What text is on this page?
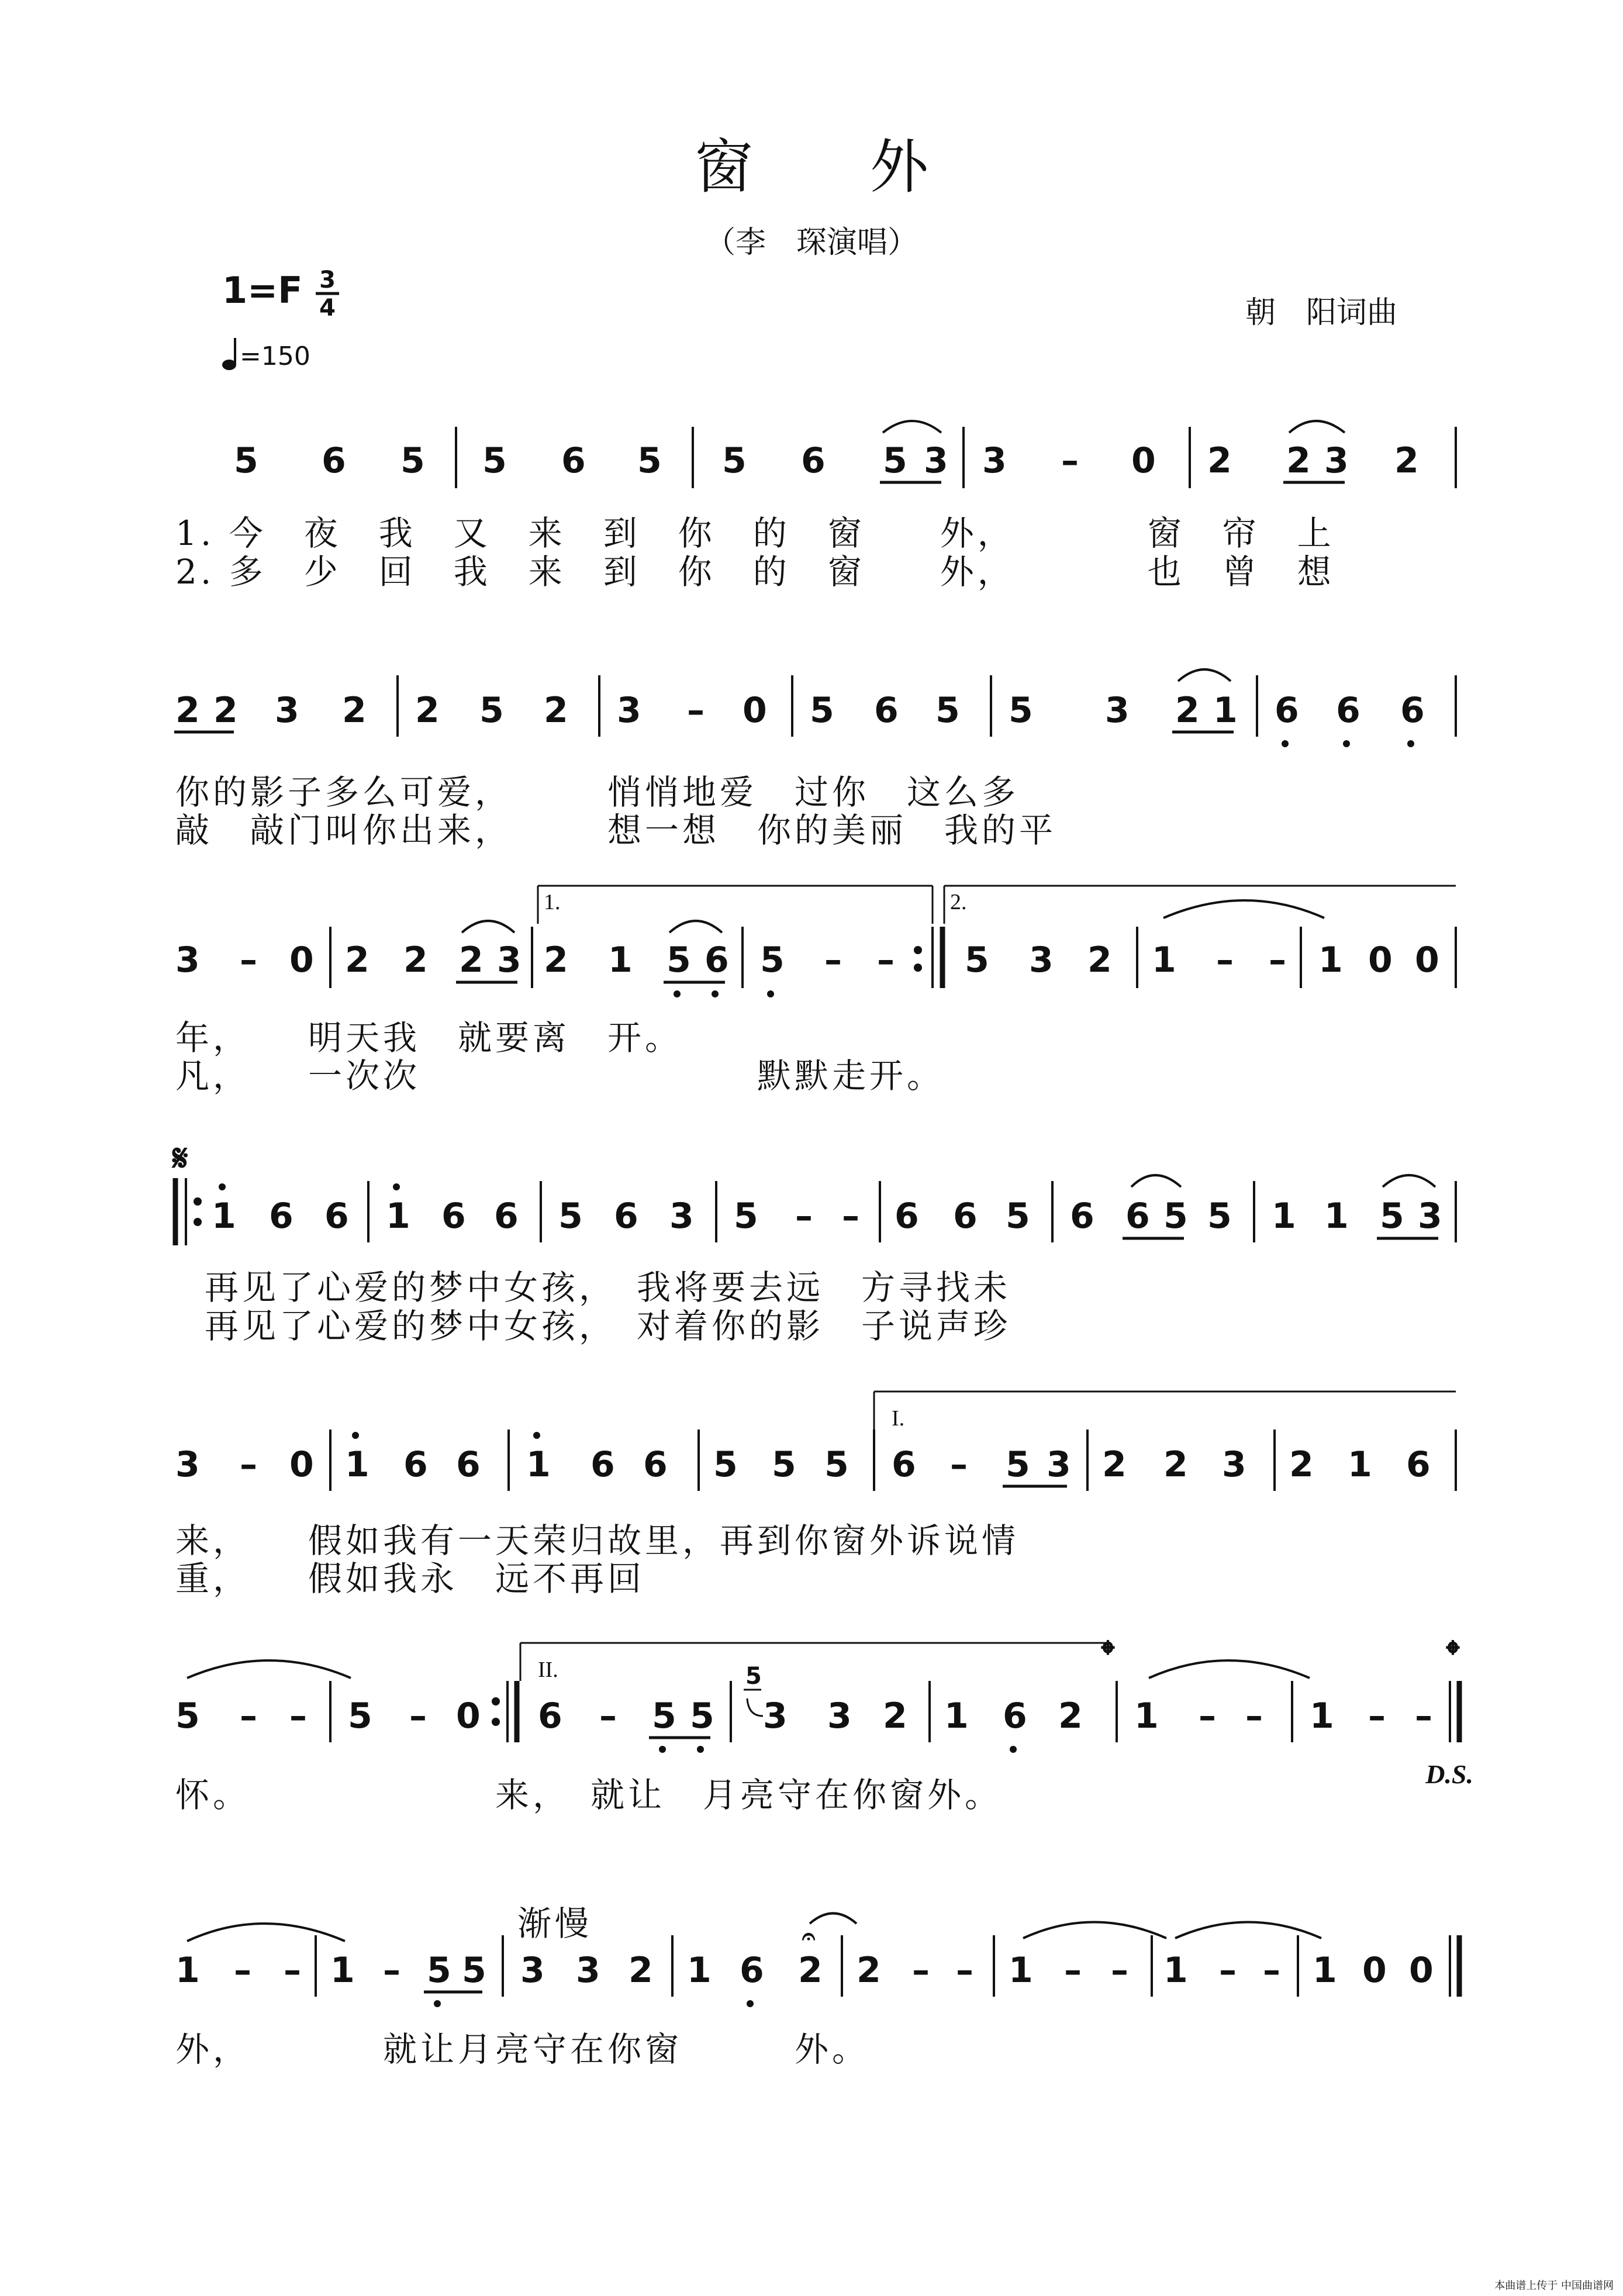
窗　　外
（李　琛演唱）
1=F 3
4
=150
朝　阳词曲
5 6 5 5 6 5 5 6 5 3 3 – 0 2 2 3 2
1. 今　夜　我　又　来　到　你　的　窗　　外，　　　　窗　帘　上
2. 多　少　回　我　来　到　你　的　窗　　外，　　　　也　曾　想
2 2 3 2 2 5 2 3 – 0 5 6 5 5 3 2 1 6 6 6
你的影子多么可爱，　　　悄悄地爱　过你　这么多
敲　敲门叫你出来，　　　想一想　你的美丽　我的平
1.	2.
3 – 0 2 2 2 3 2 1 5 6 5 – – 5 3 2 1 – – 1 0 0
年，　　明天我　就要离　开。
凡，　　一次次　　　　　　　　　默默走开。
𝄋
1 6 6 1 6 6 5 6 3 5 – – 6 6 5 6 6 5 5 1 1 5 3
再见了心爱的梦中女孩，　我将要去远　方寻找未
再见了心爱的梦中女孩，　对着你的影　子说声珍
I.
3 – 0 1 6 6 1 6 6 5 5 5 6 – 5 3 2 2 3 2 1 6
来，　　假如我有一天荣归故里，再到你窗外诉说情
重，　　假如我永　远不再回
II.	𝄌	𝄌
5 – – 5 – 0 6 – 5 5
5
3 3 2 1 6 2 1 – – 1 – –
D.S.
怀。　　　　　　　来，　就让　月亮守在你窗外。
渐慢
1 – – 1 – 5 5 3 3 2 1 6 2
𝄐
2 – – 1 – – 1 – – 1 0 0
外，　　　　就让月亮守在你窗　　　外。
本曲谱上传于 中国曲谱网
